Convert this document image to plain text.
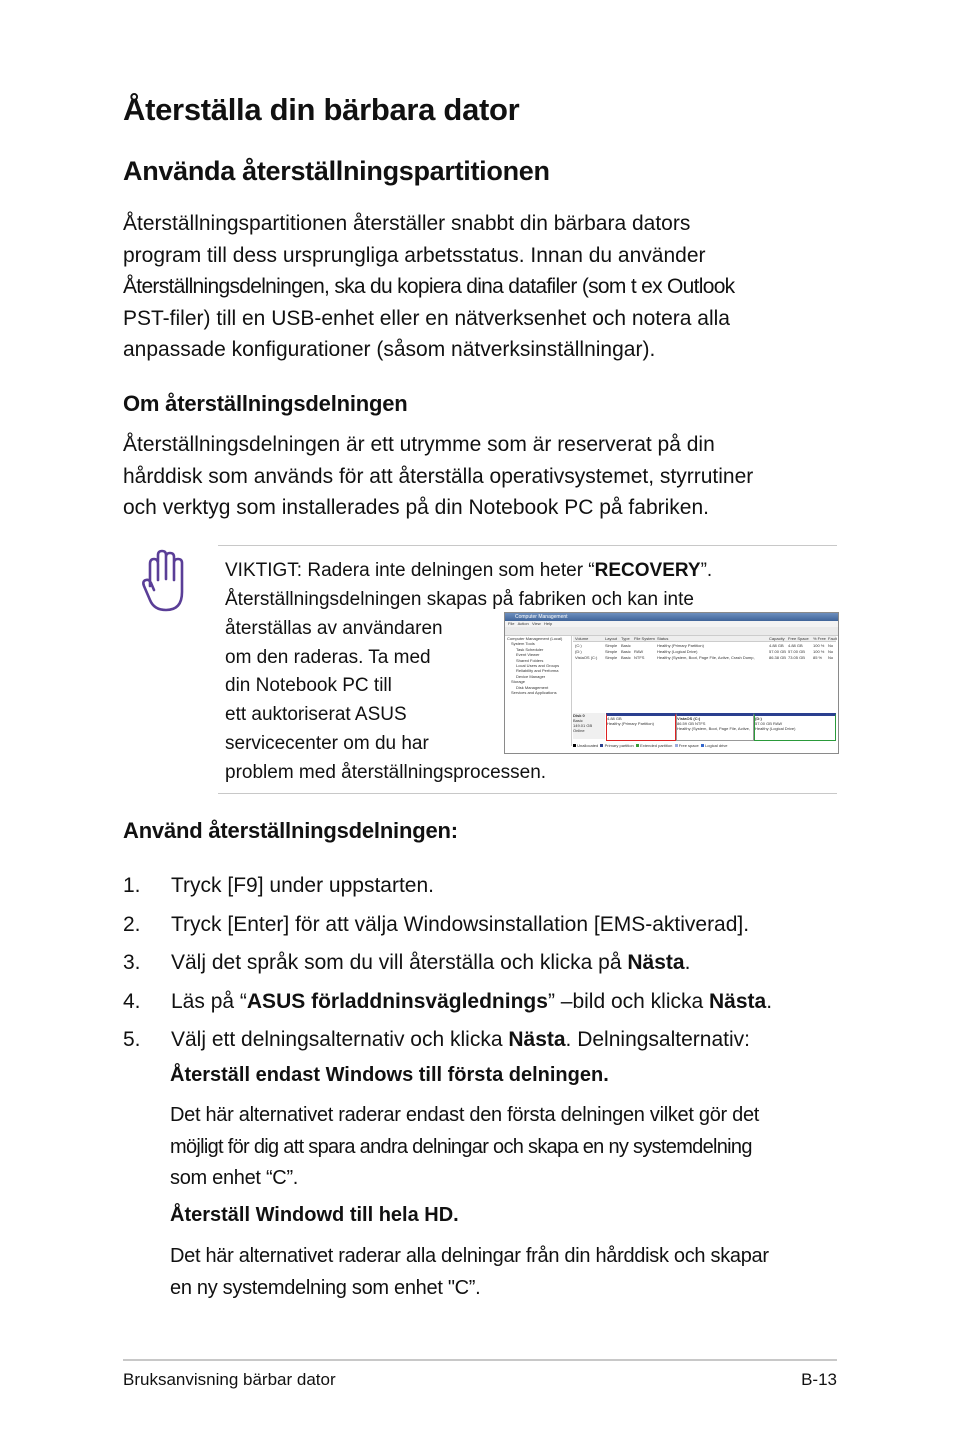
Återställa din bärbara dator
Använda återställningspartitionen

Återställningspartitionen återställer snabbt din bärbara dators
program till dess ursprungliga arbetsstatus. Innan du använder
Återställningsdelningen, ska du kopiera dina datafiler (som t ex Outlook
PST-filer) till en USB-enhet eller en nätverksenhet och notera alla
anpassade konfigurationer (såsom nätverksinställningar).

Om återställningsdelningen

Återställningsdelningen är ett utrymme som är reserverat på din
hårddisk som används för att återställa operativsystemet, styrrutiner
och verktyg som installerades på din Notebook PC på fabriken.

VIKTIGT: Radera inte delningen som heter “RECOVERY”.
Återställningsdelningen skapas på fabriken och kan inte
återställas av användaren
om den raderas. Ta med
din Notebook PC till
ett auktoriserat ASUS
servicecenter om du har
problem med återställningsprocessen.
Computer Management
File Action View Help
Computer Management (Local)
System Tools
Task Scheduler
Event Viewer
Shared Folders
Local Users and Groups
Reliability and Performa
Device Manager
Storage
Disk Management
Services and Applications
Volume	Layout Type File System Status	Capacity Free Space % Free Fault
(C:)	Simple Basic	Healthy (Primary Partition)	4.88 GB 4.88 GB	100 % No
(D:)	Simple Basic RAW	Healthy (Logical Drive)	57.00 GB 57.00 GB 100 % No
VistaOS (C:) Simple Basic NTFS	Healthy (System, Boot, Page File, Active, Crash Dump,	86.38 GB 73.05 GB 85 % No
Disk 0
Basic
149.01 GB
Online
4.88 GB
Healthy (Primary Partition)
VistaOS (C:)
86.59 GB NTFS
Healthy (System, Boot, Page File, Active,
(D:)
57.00 GB RAW
Healthy (Logical Drive)
Unallocated Primary partition Extended partition Free space Logical drive
Använd återställningsdelningen:
1. Tryck [F9] under uppstarten.
2. Tryck [Enter] för att välja Windowsinstallation [EMS-aktiverad].
3. Välj det språk som du vill återställa och klicka på Nästa.
4. Läs på “ASUS förladdninsväglednings” –bild och klicka Nästa.
5. Välj ett delningsalternativ och klicka Nästa. Delningsalternativ:
Återställ endast Windows till första delningen.

Det här alternativet raderar endast den första delningen vilket gör det
möjligt för dig att spara andra delningar och skapa en ny systemdelning
som enhet “C”.

Återställ Windowd till hela HD.

Det här alternativet raderar alla delningar från din hårddisk och skapar
en ny systemdelning som enhet "C”.

Bruksanvisning bärbar dator	B-13
